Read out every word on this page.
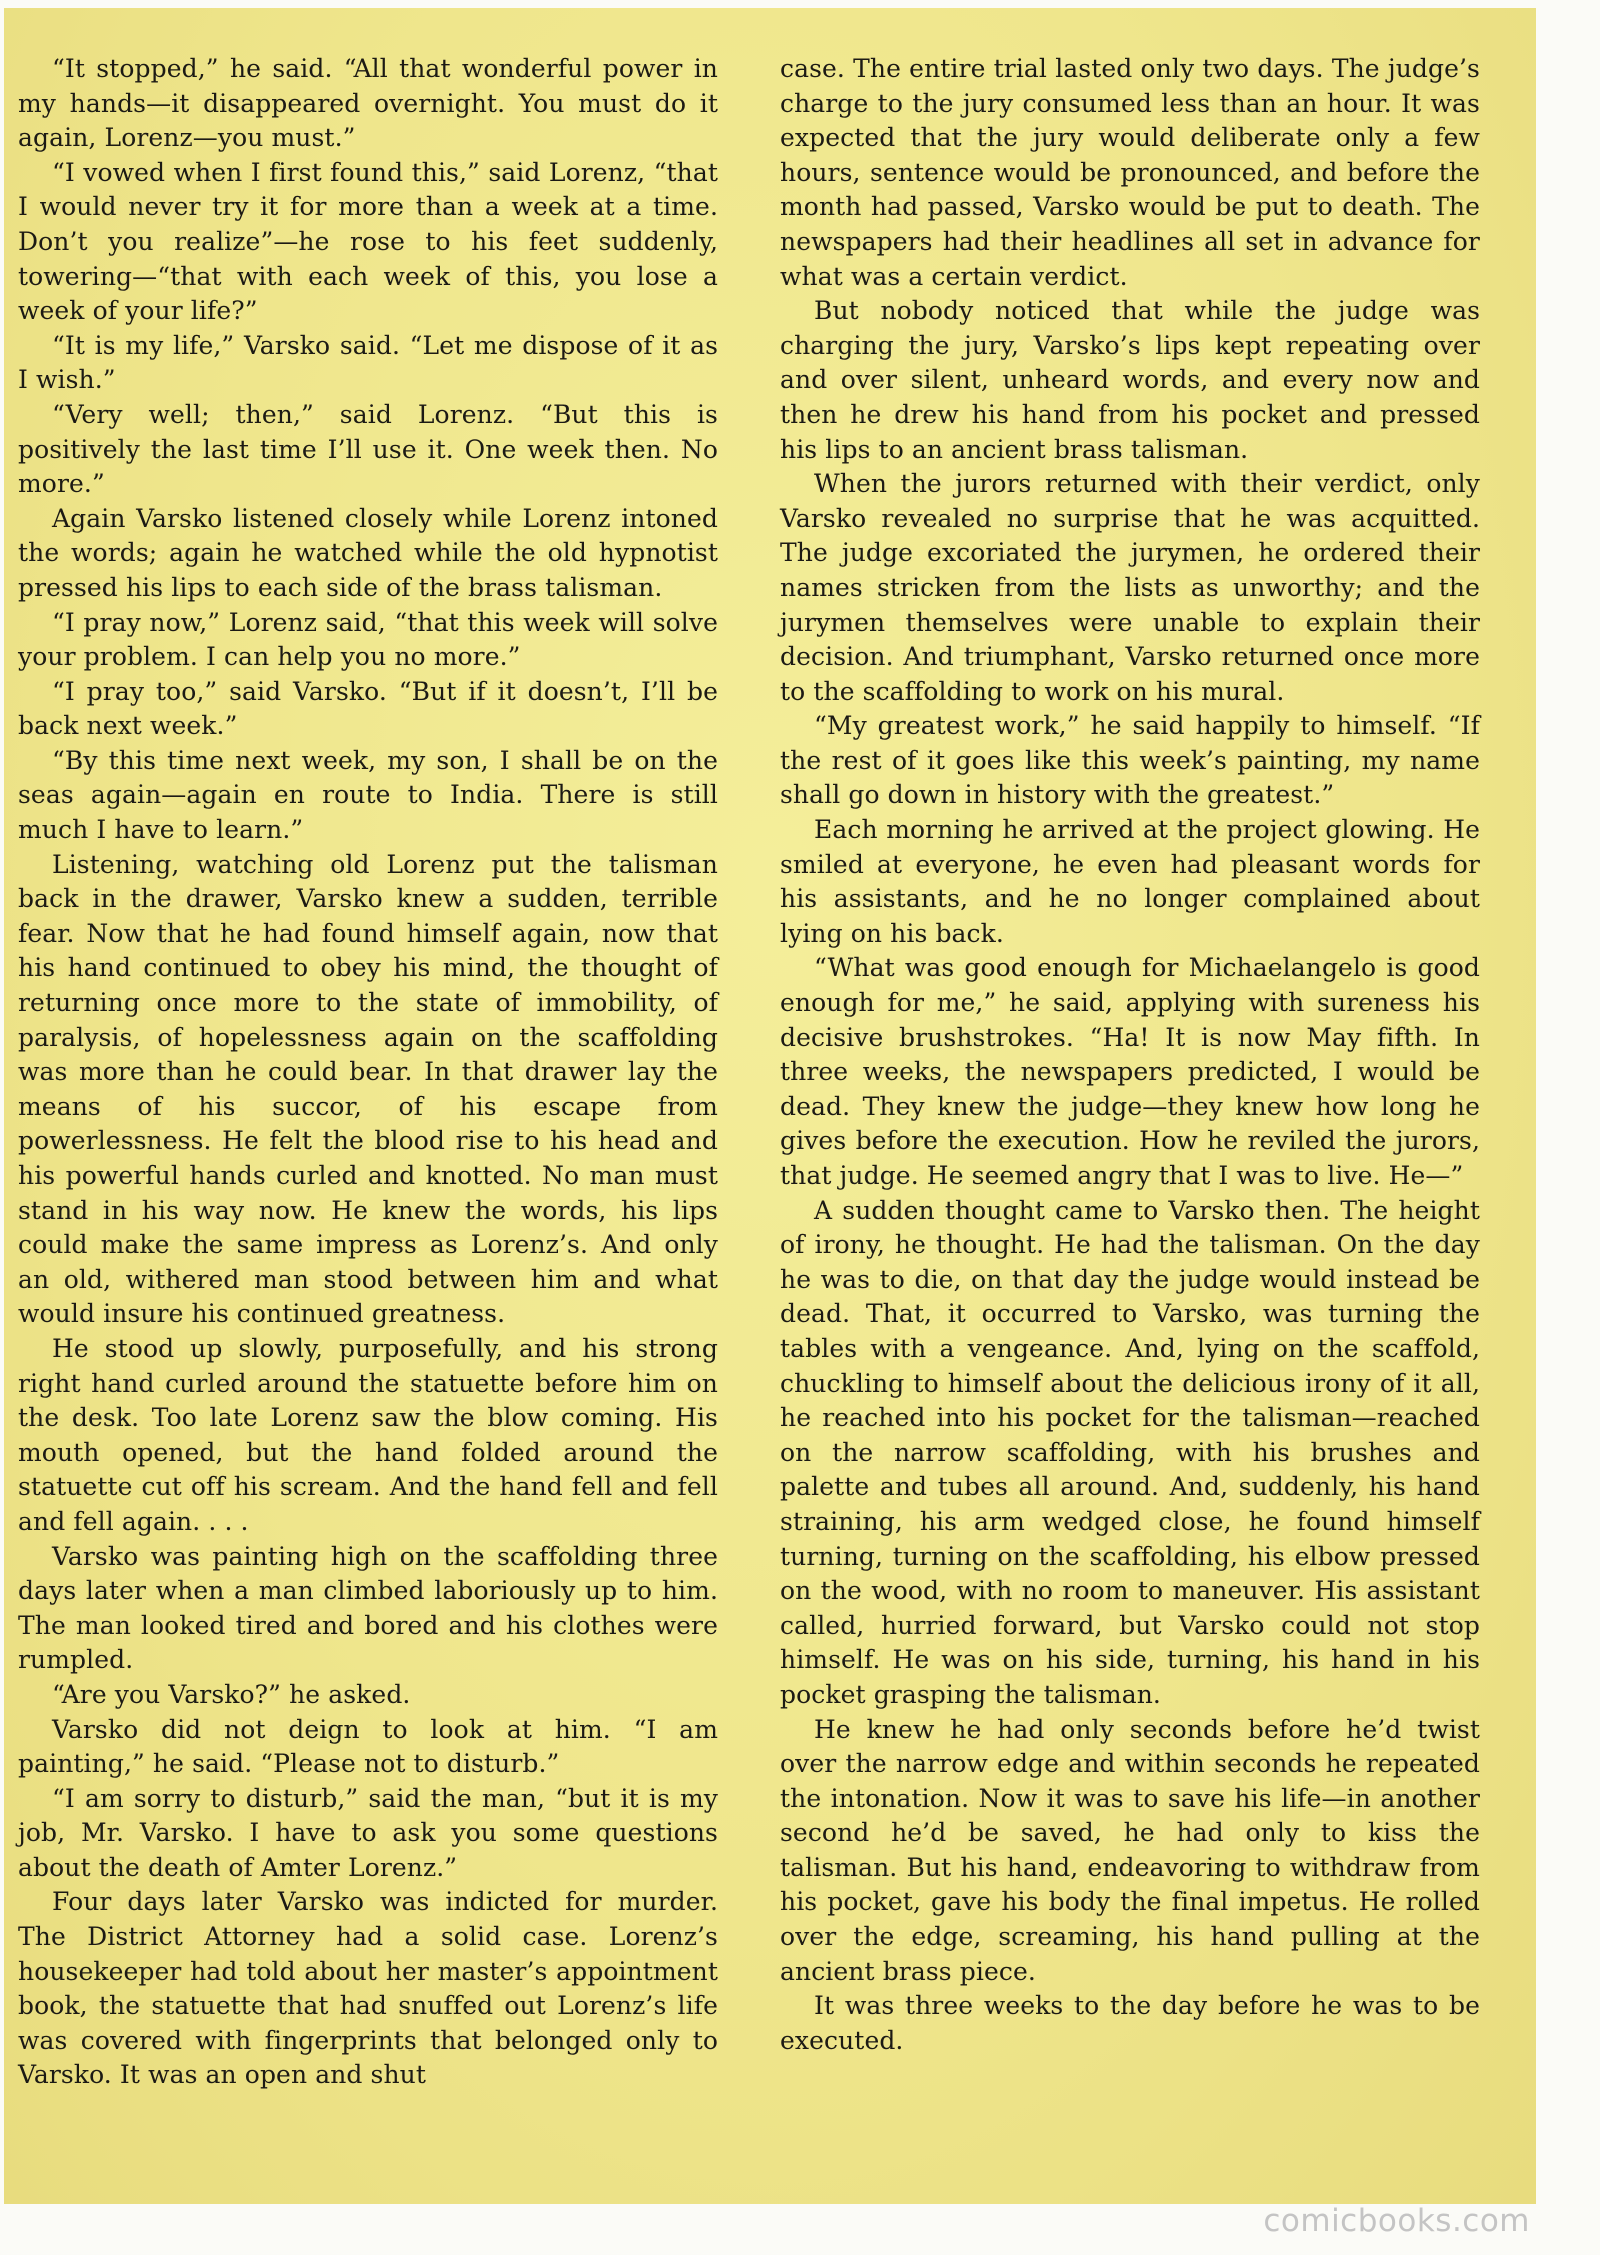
“It stopped,” he said. “All that wonderful power in my hands—it disappeared overnight. You must do it again, Lorenz—you must.”

“I vowed when I first found this,” said Lorenz, “that I would never try it for more than a week at a time. Don’t you realize”—he rose to his feet suddenly, towering—“that with each week of this, you lose a week of your life?”

“It is my life,” Varsko said. “Let me dispose of it as I wish.”

“Very well; then,” said Lorenz. “But this is positively the last time I’ll use it. One week then. No more.”

Again Varsko listened closely while Lorenz intoned the words; again he watched while the old hypnotist pressed his lips to each side of the brass talisman.

“I pray now,” Lorenz said, “that this week will solve your problem. I can help you no more.”

“I pray too,” said Varsko. “But if it doesn’t, I’ll be back next week.”

“By this time next week, my son, I shall be on the seas again—again en route to India. There is still much I have to learn.”

Listening, watching old Lorenz put the talisman back in the drawer, Varsko knew a sudden, terrible fear. Now that he had found himself again, now that his hand continued to obey his mind, the thought of returning once more to the state of immobility, of paralysis, of hopelessness again on the scaffolding was more than he could bear. In that drawer lay the means of his succor, of his escape from powerlessness. He felt the blood rise to his head and his powerful hands curled and knotted. No man must stand in his way now. He knew the words, his lips could make the same impress as Lorenz’s. And only an old, withered man stood between him and what would insure his continued greatness.

He stood up slowly, purposefully, and his strong right hand curled around the statuette before him on the desk. Too late Lorenz saw the blow coming. His mouth opened, but the hand folded around the statuette cut off his scream. And the hand fell and fell and fell again. . . .

Varsko was painting high on the scaffolding three days later when a man climbed laboriously up to him. The man looked tired and bored and his clothes were rumpled.

“Are you Varsko?” he asked.

Varsko did not deign to look at him. “I am painting,” he said. “Please not to disturb.”

“I am sorry to disturb,” said the man, “but it is my job, Mr. Varsko. I have to ask you some questions about the death of Amter Lorenz.”

Four days later Varsko was indicted for murder. The District Attorney had a solid case. Lorenz’s housekeeper had told about her master’s appointment book, the statuette that had snuffed out Lorenz’s life was covered with fingerprints that belonged only to Varsko. It was an open and shut

case. The entire trial lasted only two days. The judge’s charge to the jury consumed less than an hour. It was expected that the jury would deliberate only a few hours, sentence would be pronounced, and before the month had passed, Varsko would be put to death. The newspapers had their headlines all set in advance for what was a certain verdict.

But nobody noticed that while the judge was charging the jury, Varsko’s lips kept repeating over and over silent, unheard words, and every now and then he drew his hand from his pocket and pressed his lips to an ancient brass talisman.

When the jurors returned with their verdict, only Varsko revealed no surprise that he was acquitted. The judge excoriated the jurymen, he ordered their names stricken from the lists as unworthy; and the jurymen themselves were unable to explain their decision. And triumphant, Varsko returned once more to the scaffolding to work on his mural.

“My greatest work,” he said happily to himself. “If the rest of it goes like this week’s painting, my name shall go down in history with the greatest.”

Each morning he arrived at the project glowing. He smiled at everyone, he even had pleasant words for his assistants, and he no longer complained about lying on his back.

“What was good enough for Michaelangelo is good enough for me,” he said, applying with sureness his decisive brushstrokes. “Ha! It is now May fifth. In three weeks, the newspapers predicted, I would be dead. They knew the judge—they knew how long he gives before the execution. How he reviled the jurors, that judge. He seemed angry that I was to live. He—”

A sudden thought came to Varsko then. The height of irony, he thought. He had the talisman. On the day he was to die, on that day the judge would instead be dead. That, it occurred to Varsko, was turning the tables with a vengeance. And, lying on the scaffold, chuckling to himself about the delicious irony of it all, he reached into his pocket for the talisman—reached on the narrow scaffolding, with his brushes and palette and tubes all around. And, suddenly, his hand straining, his arm wedged close, he found himself turning, turning on the scaffolding, his elbow pressed on the wood, with no room to maneuver. His assistant called, hurried forward, but Varsko could not stop himself. He was on his side, turning, his hand in his pocket grasping the talisman.

He knew he had only seconds before he’d twist over the narrow edge and within seconds he repeated the intonation. Now it was to save his life—in another second he’d be saved, he had only to kiss the talisman. But his hand, endeavoring to withdraw from his pocket, gave his body the final impetus. He rolled over the edge, screaming, his hand pulling at the ancient brass piece.

It was three weeks to the day before he was to be executed.

comicbooks.com
